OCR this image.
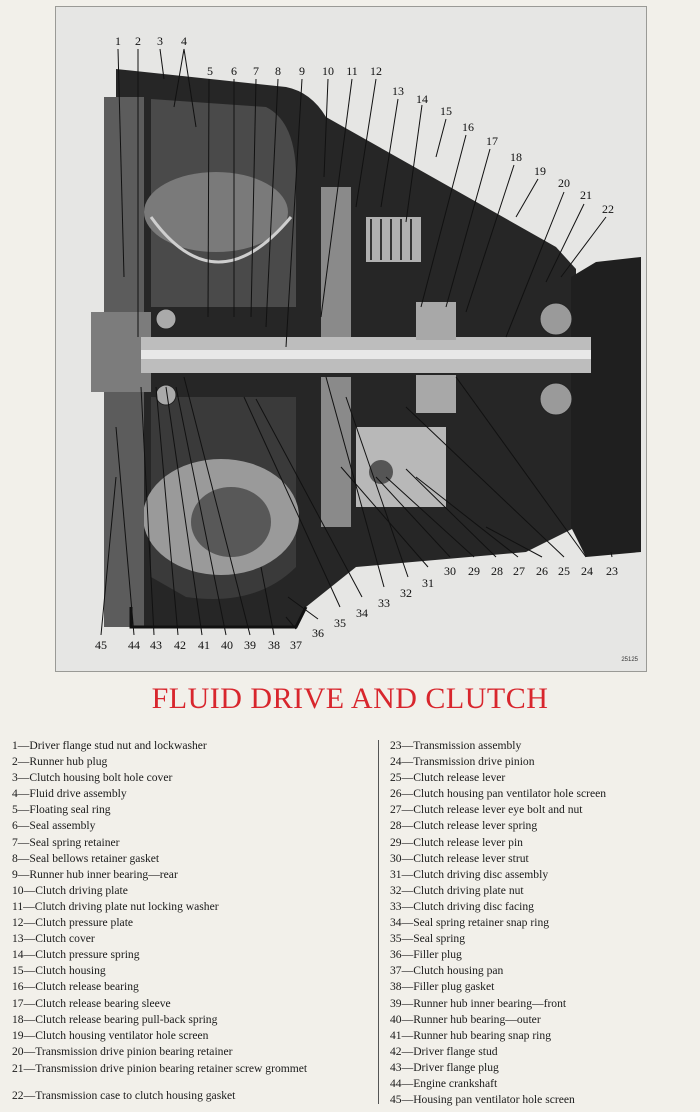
1 2 3 4
5 6 7 8 9 10 11 12
13
14
15
16
17
18
19
20
21
22
45 44 43 42 41 40 39 38 37
36
35
34
33
32
31
30 29 28 27 26 25 24 23
25125
FLUID DRIVE AND CLUTCH
1—Driver flange stud nut and lockwasher
2—Runner hub plug
3—Clutch housing bolt hole cover
4—Fluid drive assembly
5—Floating seal ring
6—Seal assembly
7—Seal spring retainer
8—Seal bellows retainer gasket
9—Runner hub inner bearing—rear
10—Clutch driving plate
11—Clutch driving plate nut locking washer
12—Clutch pressure plate
13—Clutch cover
14—Clutch pressure spring
15—Clutch housing
16—Clutch release bearing
17—Clutch release bearing sleeve
18—Clutch release bearing pull-back spring
19—Clutch housing ventilator hole screen
20—Transmission drive pinion bearing retainer
21—Transmission drive pinion bearing retainer screw grommet
22—Transmission case to clutch housing gasket
23—Transmission assembly
24—Transmission drive pinion
25—Clutch release lever
26—Clutch housing pan ventilator hole screen
27—Clutch release lever eye bolt and nut
28—Clutch release lever spring
29—Clutch release lever pin
30—Clutch release lever strut
31—Clutch driving disc assembly
32—Clutch driving plate nut
33—Clutch driving disc facing
34—Seal spring retainer snap ring
35—Seal spring
36—Filler plug
37—Clutch housing pan
38—Filler plug gasket
39—Runner hub inner bearing—front
40—Runner hub bearing—outer
41—Runner hub bearing snap ring
42—Driver flange stud
43—Driver flange plug
44—Engine crankshaft
45—Housing pan ventilator hole screen
